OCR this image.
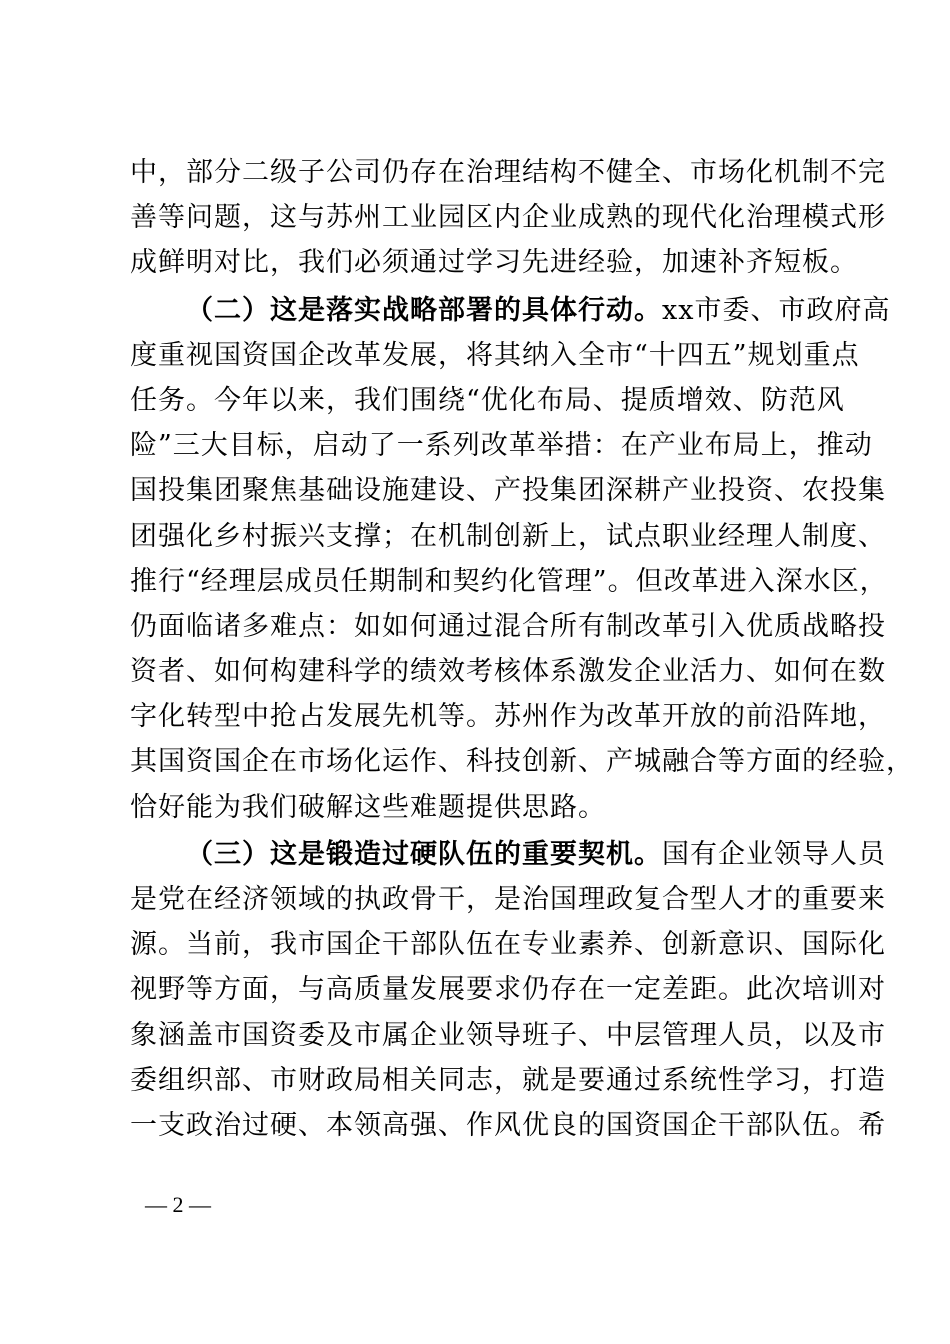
中，部分二级子公司仍存在治理结构不健全、市场化机制不完
善等问题，这与苏州工业园区内企业成熟的现代化治理模式形
成鲜明对比，我们必须通过学习先进经验，加速补齐短板。
（二）这是落实战略部署的具体行动。xx市委、市政府高
度重视国资国企改革发展，将其纳入全市“十四五”规划重点
任务。今年以来，我们围绕“优化布局、提质增效、防范风
险”三大目标，启动了一系列改革举措：在产业布局上，推动
国投集团聚焦基础设施建设、产投集团深耕产业投资、农投集
团强化乡村振兴支撑；在机制创新上，试点职业经理人制度、
推行“经理层成员任期制和契约化管理”。但改革进入深水区，
仍面临诸多难点：如如何通过混合所有制改革引入优质战略投
资者、如何构建科学的绩效考核体系激发企业活力、如何在数
字化转型中抢占发展先机等。苏州作为改革开放的前沿阵地，
其国资国企在市场化运作、科技创新、产城融合等方面的经验，
恰好能为我们破解这些难题提供思路。
（三）这是锻造过硬队伍的重要契机。国有企业领导人员
是党在经济领域的执政骨干，是治国理政复合型人才的重要来
源。当前，我市国企干部队伍在专业素养、创新意识、国际化
视野等方面，与高质量发展要求仍存在一定差距。此次培训对
象涵盖市国资委及市属企业领导班子、中层管理人员，以及市
委组织部、市财政局相关同志，就是要通过系统性学习，打造
一支政治过硬、本领高强、作风优良的国资国企干部队伍。希
— 2 —
